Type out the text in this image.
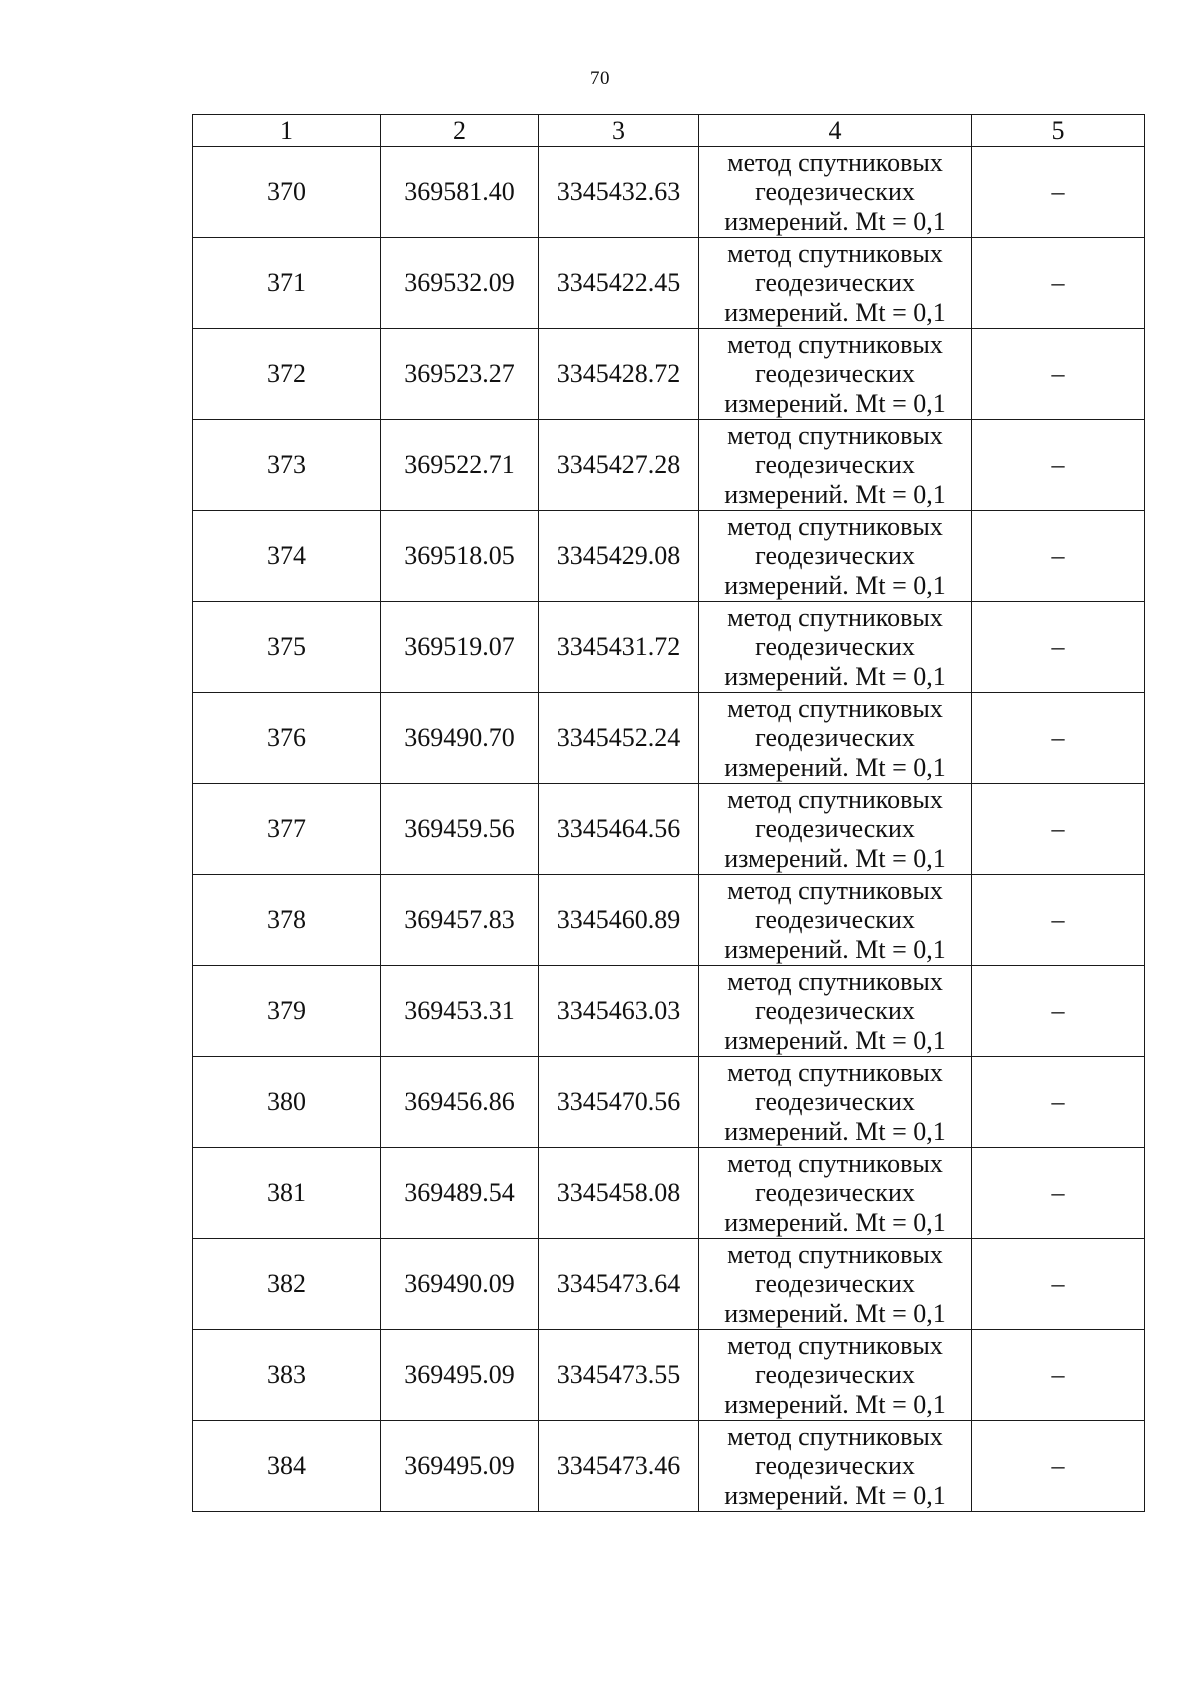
70
1	2	3	4	5
370	369581.40	3345432.63	метод спутниковых
геодезических
измерений. Mt = 0,1	–
371	369532.09	3345422.45	метод спутниковых
геодезических
измерений. Mt = 0,1	–
372	369523.27	3345428.72	метод спутниковых
геодезических
измерений. Mt = 0,1	–
373	369522.71	3345427.28	метод спутниковых
геодезических
измерений. Mt = 0,1	–
374	369518.05	3345429.08	метод спутниковых
геодезических
измерений. Mt = 0,1	–
375	369519.07	3345431.72	метод спутниковых
геодезических
измерений. Mt = 0,1	–
376	369490.70	3345452.24	метод спутниковых
геодезических
измерений. Mt = 0,1	–
377	369459.56	3345464.56	метод спутниковых
геодезических
измерений. Mt = 0,1	–
378	369457.83	3345460.89	метод спутниковых
геодезических
измерений. Mt = 0,1	–
379	369453.31	3345463.03	метод спутниковых
геодезических
измерений. Mt = 0,1	–
380	369456.86	3345470.56	метод спутниковых
геодезических
измерений. Mt = 0,1	–
381	369489.54	3345458.08	метод спутниковых
геодезических
измерений. Mt = 0,1	–
382	369490.09	3345473.64	метод спутниковых
геодезических
измерений. Mt = 0,1	–
383	369495.09	3345473.55	метод спутниковых
геодезических
измерений. Mt = 0,1	–
384	369495.09	3345473.46	метод спутниковых
геодезических
измерений. Mt = 0,1	–
